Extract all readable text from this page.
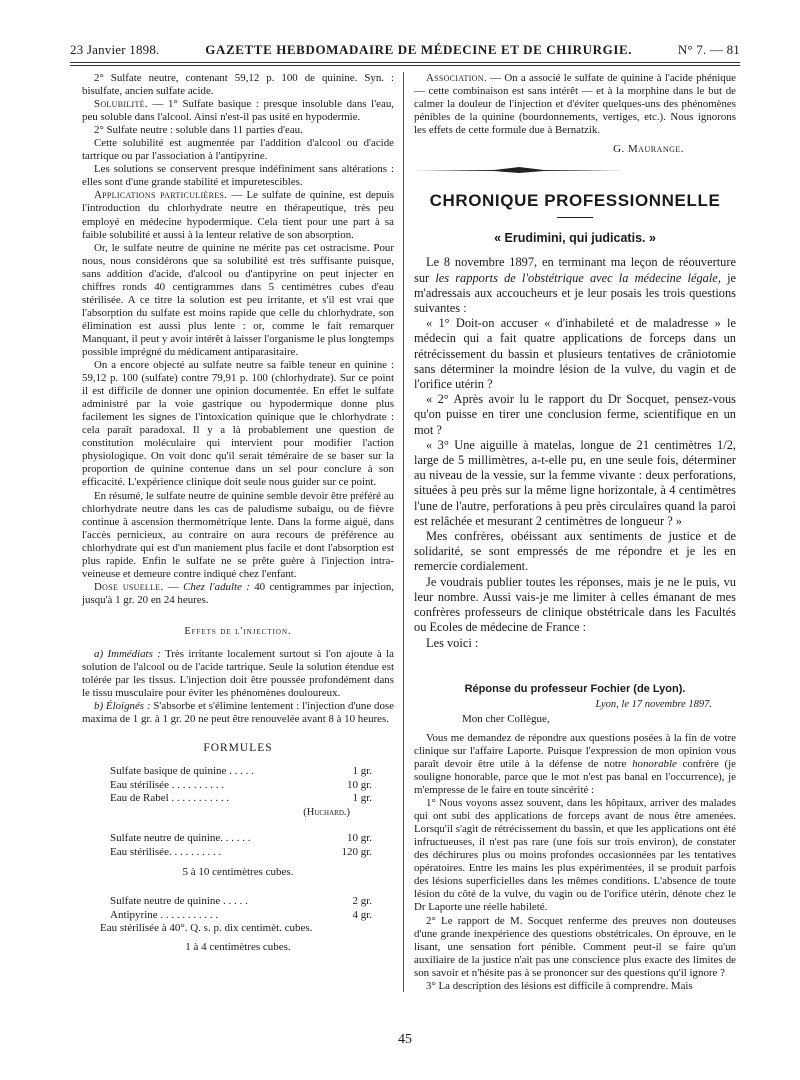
23 Janvier 1898.	GAZETTE HEBDOMADAIRE DE MÉDECINE ET DE CHIRURGIE.	N° 7. — 81

2° Sulfate neutre, contenant 59,12 p. 100 de quinine. Syn. : bisulfate, ancien sulfate acide.

Solubilité. — 1° Sulfate basique : presque insoluble dans l'eau, peu soluble dans l'alcool. Ainsi n'est-il pas usité en hypodermie.

2° Sulfate neutre : soluble dans 11 parties d'eau.

Cette solubilité est augmentée par l'addition d'alcool ou d'acide tartrique ou par l'association à l'antipyrine.

Les solutions se conservent presque indéfiniment sans altérations : elles sont d'une grande stabilité et impuretescibles.

Applications particulières. — Le sulfate de quinine, est depuis l'introduction du chlorhydrate neutre en thérapeutique, très peu employé en médecine hypodermique. Cela tient pour une part à sa faible solubilité et aussi à la lenteur relative de son absorption.

Or, le sulfate neutre de quinine ne mérite pas cet ostracisme. Pour nous, nous considérons que sa solubilité est très suffisante puisque, sans addition d'acide, d'alcool ou d'antipyrine on peut injecter en chiffres ronds 40 centigrammes dans 5 centimètres cubes d'eau stérilisée. A ce titre la solution est peu irritante, et s'il est vrai que l'absorption du sulfate est moins rapide que celle du chlorhydrate, son élimination est aussi plus lente : or, comme le fait remarquer Manquant, il peut y avoir intérêt à laisser l'organisme le plus longtemps possible imprégné du médicament antiparasitaire.

On a encore objecté au sulfate neutre sa faible teneur en quinine : 59,12 p. 100 (sulfate) contre 79,91 p. 100 (chlorhydrate). Sur ce point il est difficile de donner une opinion documentée. En effet le sulfate administré par la voie gastrique ou hypodermique donne plus facilement les signes de l'intoxication quinique que le chlorhydrate : cela paraît paradoxal. Il y a là probablement une question de constitution moléculaire qui intervient pour modifier l'action physiologique. On voit donc qu'il serait téméraire de se baser sur la proportion de quinine contenue dans un sel pour conclure à son efficacité. L'expérience clinique doit seule nous guider sur ce point.

En résumé, le sulfate neutre de quinine semble devoir être préféré au chlorhydrate neutre dans les cas de paludisme subaigu, ou de fièvre continue à ascension thermométrique lente. Dans la forme aiguë, dans l'accès pernicieux, au contraire on aura recours de préférence au chlorhydrate qui est d'un maniement plus facile et dont l'absorption est plus rapide. Enfin le sulfate ne se prête guère à l'injection intra-veineuse et demeure contre indiqué chez l'enfant.

Dose usuelle. — Chez l'adulte : 40 centigrammes par injection, jusqu'à 1 gr. 20 en 24 heures.

Effets de l'injection.

a) Immédiats : Très irritante localement surtout si l'on ajoute à la solution de l'alcool ou de l'acide tartrique. Seule la solution étendue est tolérée par les tissus. L'injection doit être poussée profondément dans le tissu musculaire pour éviter les phénomènes douloureux.

b) Éloignés : S'absorbe et s'élimine lentement : l'injection d'une dose maxima de 1 gr. à 1 gr. 20 ne peut être renouvelée avant 8 à 10 heures.

FORMULES
Sulfate basique de quinine . . . . .	1 gr.
Eau stérilisée . . . . . . . . . .	10 gr.
Eau de Rabel . . . . . . . . . . .	1 gr.
(Huchard.)
Sulfate neutre de quinine. . . . . .	10 gr.
Eau stérilisée. . . . . . . . . .	120 gr.
5 à 10 centimètres cubes.
Sulfate neutre de quinine . . . . .	2 gr.
Antipyrine . . . . . . . . . . .	4 gr.
Eau stérilisée à 40°. Q. s. p. dix centimèt. cubes.
1 à 4 centimètres cubes.

Association. — On a associé le sulfate de quinine à l'acide phénique — cette combinaison est sans intérêt — et à la morphine dans le but de calmer la douleur de l'injection et d'éviter quelques-uns des phénomènes pénibles de la quinine (bourdonnements, vertiges, etc.). Nous ignorons les effets de cette formule due à Bernatzik.

G. Maurange.
CHRONIQUE PROFESSIONNELLE
« Erudimini, qui judicatis. »

Le 8 novembre 1897, en terminant ma leçon de réouverture sur les rapports de l'obstétrique avec la médecine légale, je m'adressais aux accoucheurs et je leur posais les trois questions suivantes :

« 1° Doit-on accuser « d'inhabileté et de maladresse » le médecin qui a fait quatre applications de forceps dans un rétrécissement du bassin et plusieurs tentatives de crâniotomie sans déterminer la moindre lésion de la vulve, du vagin et de l'orifice utérin ?

« 2° Après avoir lu le rapport du Dr Socquet, pensez-vous qu'on puisse en tirer une conclusion ferme, scientifique en un mot ?

« 3° Une aiguille à matelas, longue de 21 centimètres 1/2, large de 5 millimètres, a-t-elle pu, en une seule fois, déterminer au niveau de la vessie, sur la femme vivante : deux perforations, situées à peu près sur la même ligne horizontale, à 4 centimètres l'une de l'autre, perforations à peu près circulaires quand la paroi est relâchée et mesurant 2 centimètres de longueur ? »

Mes confrères, obéissant aux sentiments de justice et de solidarité, se sont empressés de me répondre et je les en remercie cordialement.

Je voudrais publier toutes les réponses, mais je ne le puis, vu leur nombre. Aussi vais-je me limiter à celles émanant de mes confrères professeurs de clinique obstétricale dans les Facultés ou Ecoles de médecine de France :

Les voici :

Réponse du professeur Fochier (de Lyon).
Lyon, le 17 novembre 1897.
Mon cher Collègue,

Vous me demandez de répondre aux questions posées à la fin de votre clinique sur l'affaire Laporte. Puisque l'expression de mon opinion vous paraît devoir être utile à la défense de notre honorable confrère (je souligne honorable, parce que le mot n'est pas banal en l'occurrence), je m'empresse de le faire en toute sincérité :

1° Nous voyons assez souvent, dans les hôpitaux, arriver des malades qui ont subi des applications de forceps avant de nous être amenées. Lorsqu'il s'agit de rétrécissement du bassin, et que les applications ont été infructueuses, il n'est pas rare (une fois sur trois environ), de constater des déchirures plus ou moins profondes occasionnées par les tentatives opératoires. Entre les mains les plus expérimentées, il se produit parfois des lésions superficielles dans les mêmes conditions. L'absence de toute lésion du côté de la vulve, du vagin ou de l'orifice utérin, dénote chez le Dr Laporte une réelle habileté.

2° Le rapport de M. Socquet renferme des preuves non douteuses d'une grande inexpérience des questions obstétricales. On éprouve, en le lisant, une sensation fort pénible. Comment peut-il se faire qu'un auxiliaire de la justice n'ait pas une conscience plus exacte des limites de son savoir et n'hésite pas à se prononcer sur des questions qu'il ignore ?

3° La description des lésions est difficile à comprendre. Mais

45
